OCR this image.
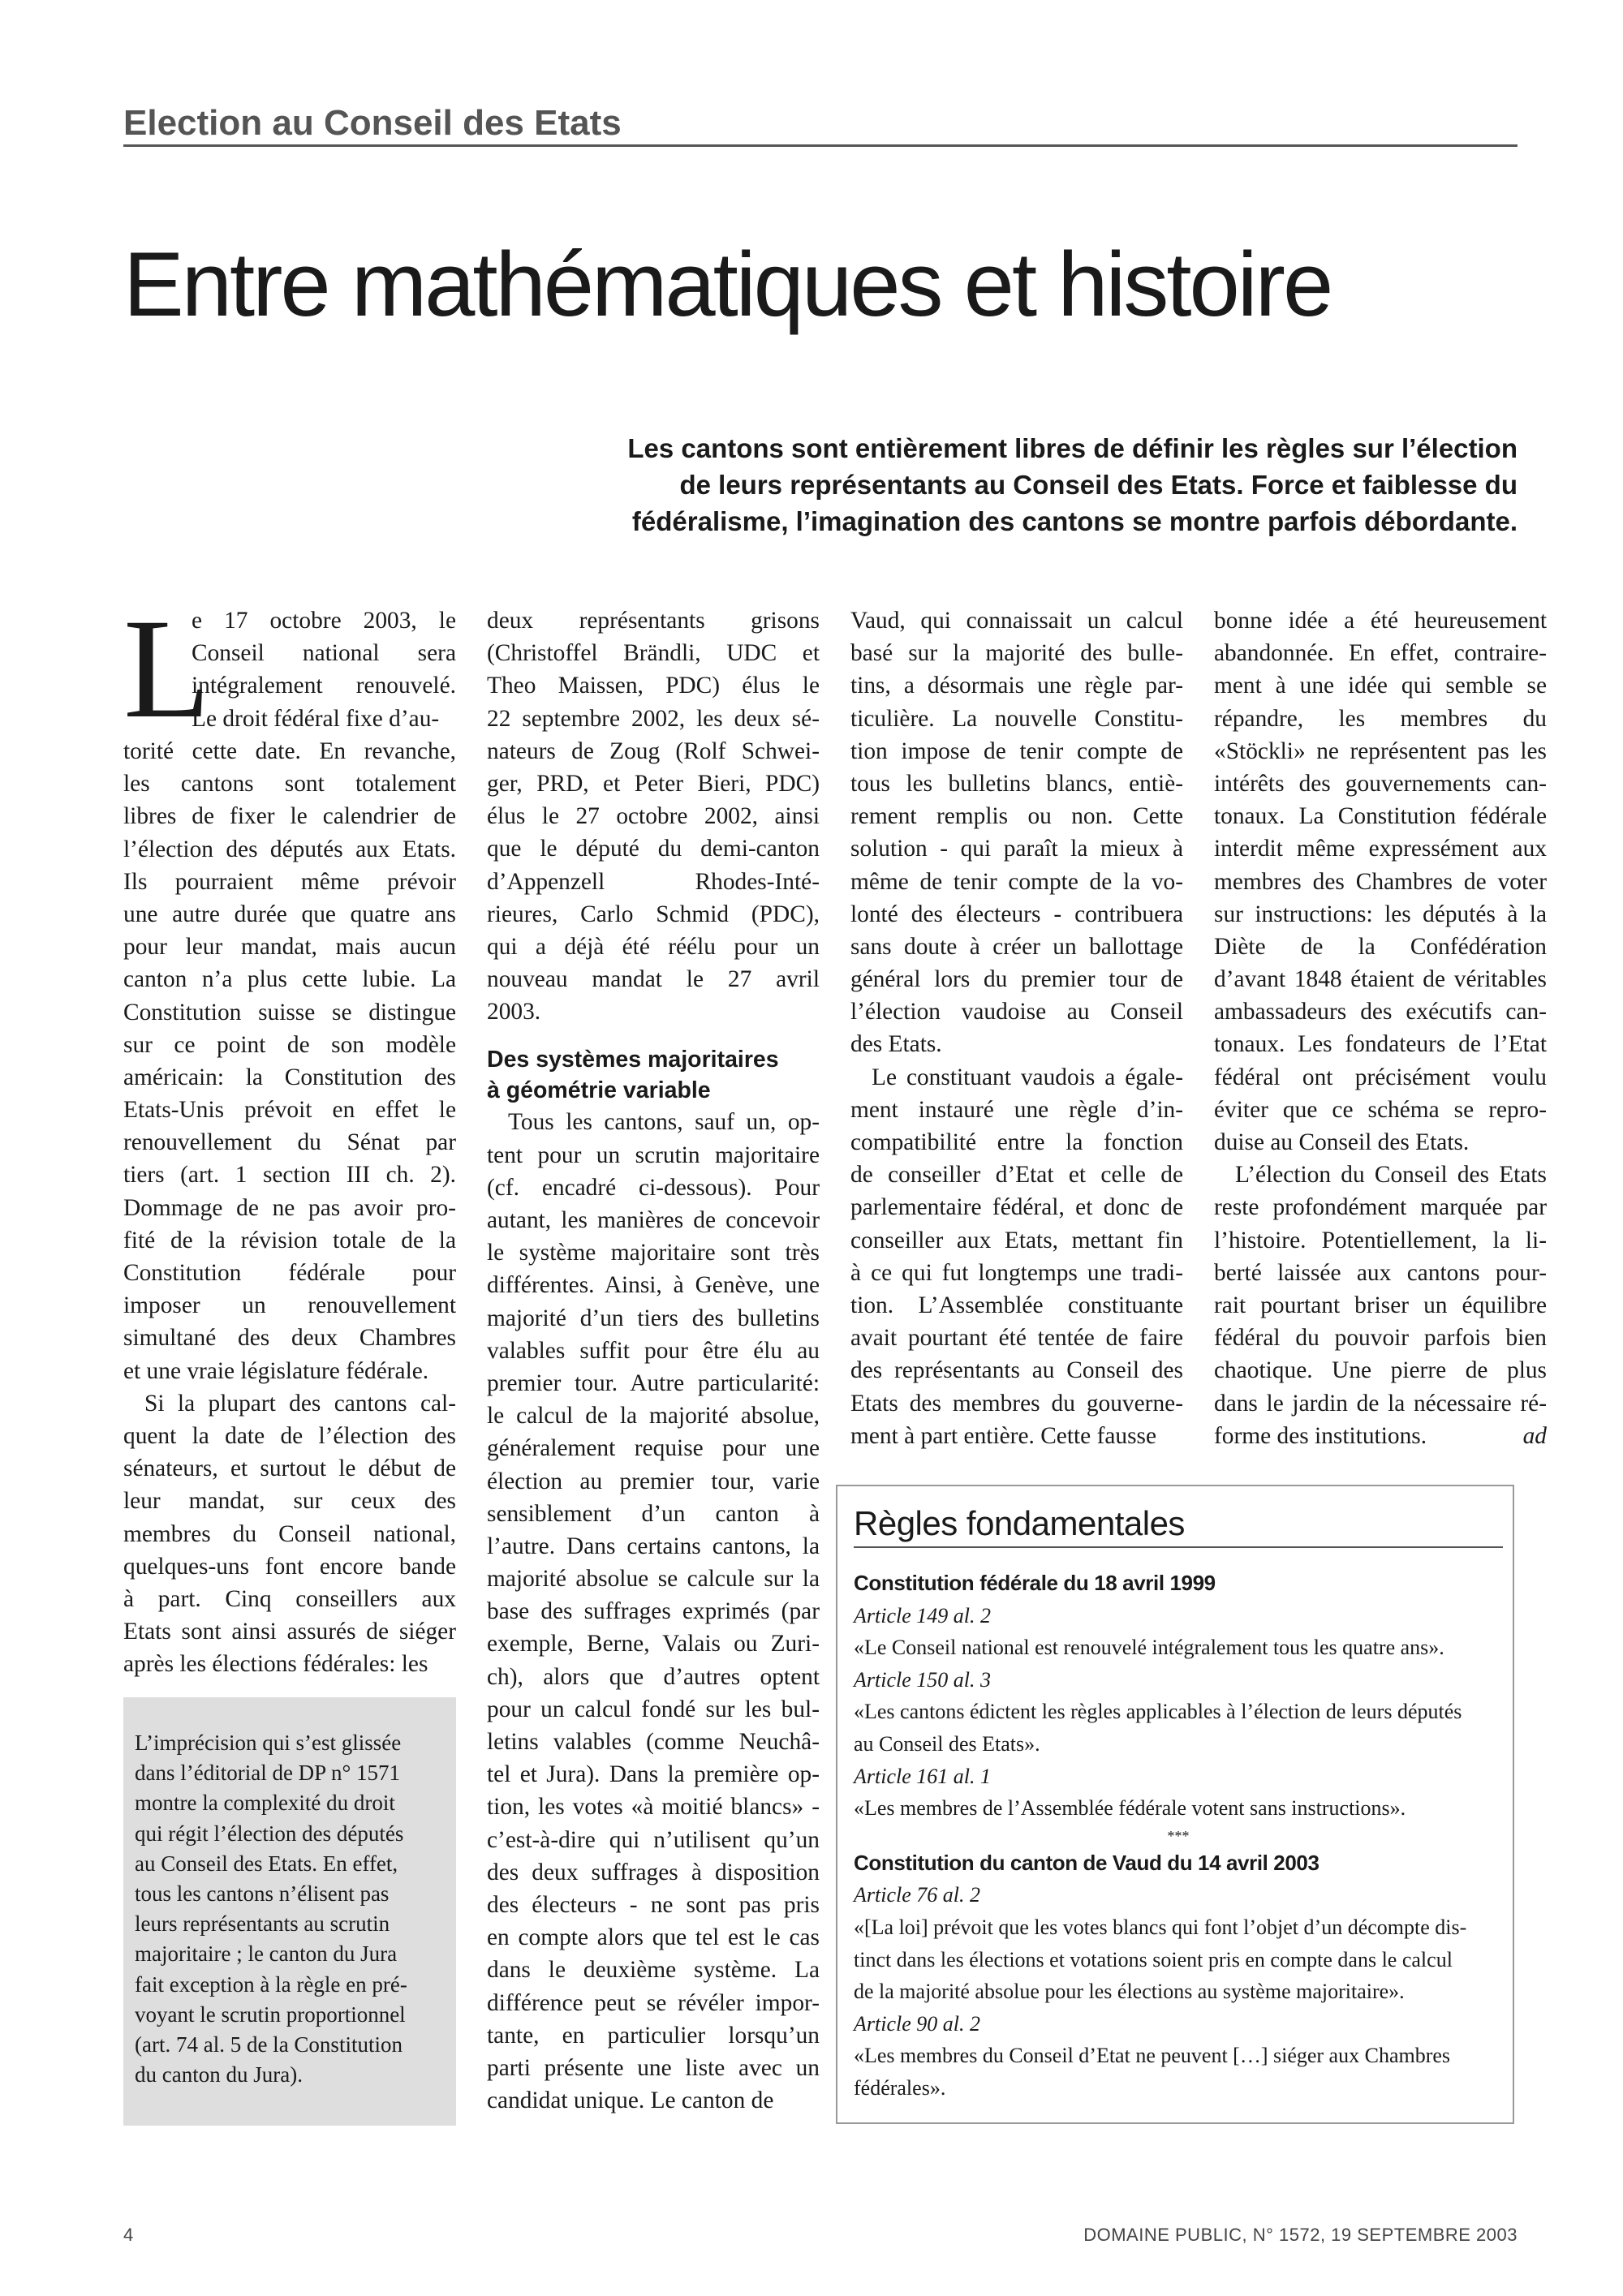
Election au Conseil des Etats
Entre mathématiques et histoire
Les cantons sont entièrement libres de définir les règles sur l’élection
de leurs représentants au Conseil des Etats. Force et faiblesse du
fédéralisme, l’imagination des cantons se montre parfois débordante.
L
e 17 octobre 2003, le
Conseil national sera
intégralement renouvelé.
Le droit fédéral fixe d’au-
torité cette date. En revanche,
les cantons sont totalement
libres de fixer le calendrier de
l’élection des députés aux Etats.
Ils pourraient même prévoir
une autre durée que quatre ans
pour leur mandat, mais aucun
canton n’a plus cette lubie. La
Constitution suisse se distingue
sur ce point de son modèle
américain: la Constitution des
Etats-Unis prévoit en effet le
renouvellement du Sénat par
tiers (art. 1 section III ch. 2).
Dommage de ne pas avoir pro-
fité de la révision totale de la
Constitution fédérale pour
imposer un renouvellement
simultané des deux Chambres
et une vraie législature fédérale.
Si la plupart des cantons cal-
quent la date de l’élection des
sénateurs, et surtout le début de
leur mandat, sur ceux des
membres du Conseil national,
quelques-uns font encore bande
à part. Cinq conseillers aux
Etats sont ainsi assurés de siéger
après les élections fédérales: les
L’imprécision qui s’est glissée
dans l’éditorial de DP n° 1571
montre la complexité du droit
qui régit l’élection des députés
au Conseil des Etats. En effet,
tous les cantons n’élisent pas
leurs représentants au scrutin
majoritaire ; le canton du Jura
fait exception à la règle en pré-
voyant le scrutin proportionnel
(art. 74 al. 5 de la Constitution
du canton du Jura).
deux représentants grisons
(Christoffel Brändli, UDC et
Theo Maissen, PDC) élus le
22 septembre 2002, les deux sé-
nateurs de Zoug (Rolf Schwei-
ger, PRD, et Peter Bieri, PDC)
élus le 27 octobre 2002, ainsi
que le député du demi-canton
d’Appenzell Rhodes-Inté-
rieures, Carlo Schmid (PDC),
qui a déjà été réélu pour un
nouveau mandat le 27 avril
2003.
Des systèmes majoritaires
à géométrie variable
Tous les cantons, sauf un, op-
tent pour un scrutin majoritaire
(cf. encadré ci-dessous). Pour
autant, les manières de concevoir
le système majoritaire sont très
différentes. Ainsi, à Genève, une
majorité d’un tiers des bulletins
valables suffit pour être élu au
premier tour. Autre particularité:
le calcul de la majorité absolue,
généralement requise pour une
élection au premier tour, varie
sensiblement d’un canton à
l’autre. Dans certains cantons, la
majorité absolue se calcule sur la
base des suffrages exprimés (par
exemple, Berne, Valais ou Zuri-
ch), alors que d’autres optent
pour un calcul fondé sur les bul-
letins valables (comme Neuchâ-
tel et Jura). Dans la première op-
tion, les votes «à moitié blancs» -
c’est-à-dire qui n’utilisent qu’un
des deux suffrages à disposition
des électeurs - ne sont pas pris
en compte alors que tel est le cas
dans le deuxième système. La
différence peut se révéler impor-
tante, en particulier lorsqu’un
parti présente une liste avec un
candidat unique. Le canton de
Vaud, qui connaissait un calcul
basé sur la majorité des bulle-
tins, a désormais une règle par-
ticulière. La nouvelle Constitu-
tion impose de tenir compte de
tous les bulletins blancs, entiè-
rement remplis ou non. Cette
solution - qui paraît la mieux à
même de tenir compte de la vo-
lonté des électeurs - contribuera
sans doute à créer un ballottage
général lors du premier tour de
l’élection vaudoise au Conseil
des Etats.
Le constituant vaudois a égale-
ment instauré une règle d’in-
compatibilité entre la fonction
de conseiller d’Etat et celle de
parlementaire fédéral, et donc de
conseiller aux Etats, mettant fin
à ce qui fut longtemps une tradi-
tion. L’Assemblée constituante
avait pourtant été tentée de faire
des représentants au Conseil des
Etats des membres du gouverne-
ment à part entière. Cette fausse
bonne idée a été heureusement
abandonnée. En effet, contraire-
ment à une idée qui semble se
répandre, les membres du
«Stöckli» ne représentent pas les
intérêts des gouvernements can-
tonaux. La Constitution fédérale
interdit même expressément aux
membres des Chambres de voter
sur instructions: les députés à la
Diète de la Confédération
d’avant 1848 étaient de véritables
ambassadeurs des exécutifs can-
tonaux. Les fondateurs de l’Etat
fédéral ont précisément voulu
éviter que ce schéma se repro-
duise au Conseil des Etats.
L’élection du Conseil des Etats
reste profondément marquée par
l’histoire. Potentiellement, la li-
berté laissée aux cantons pour-
rait pourtant briser un équilibre
fédéral du pouvoir parfois bien
chaotique. Une pierre de plus
dans le jardin de la nécessaire ré-
forme des institutions.	ad
Règles fondamentales
Constitution fédérale du 18 avril 1999
Article 149 al. 2
«Le Conseil national est renouvelé intégralement tous les quatre ans».
Article 150 al. 3
«Les cantons édictent les règles applicables à l’élection de leurs députés
au Conseil des Etats».
Article 161 al. 1
«Les membres de l’Assemblée fédérale votent sans instructions».
***
Constitution du canton de Vaud du 14 avril 2003
Article 76 al. 2
«[La loi] prévoit que les votes blancs qui font l’objet d’un décompte dis-
tinct dans les élections et votations soient pris en compte dans le calcul
de la majorité absolue pour les élections au système majoritaire».
Article 90 al. 2
«Les membres du Conseil d’Etat ne peuvent […] siéger aux Chambres
fédérales».
4	DOMAINE PUBLIC, N° 1572, 19 SEPTEMBRE 2003
